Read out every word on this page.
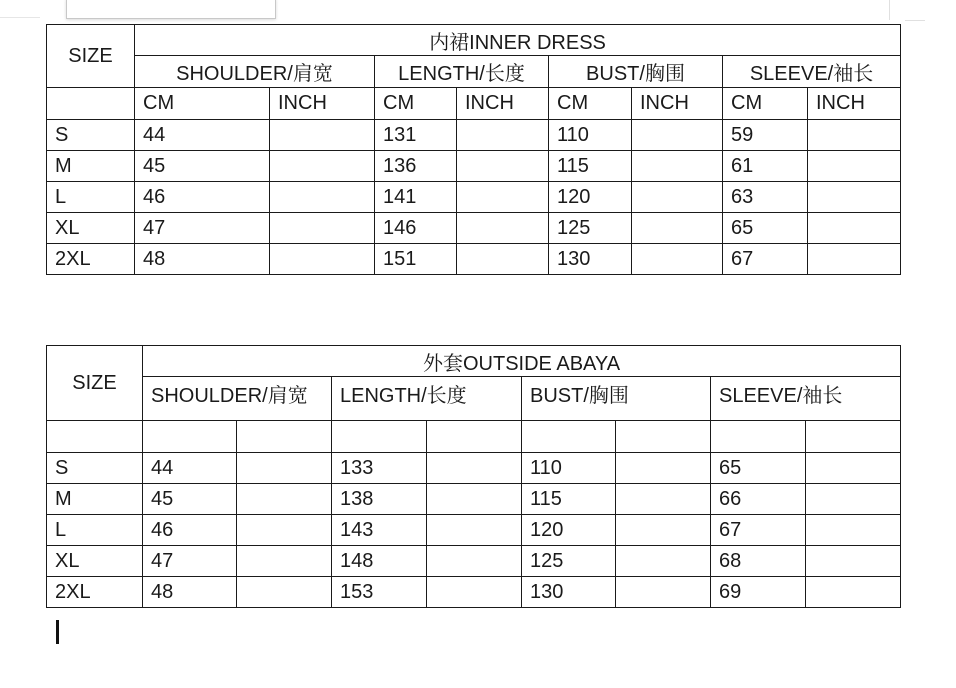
SIZE	内裙INNER DRESS							
	SHOULDER/肩宽		LENGTH/长度		BUST/胸围		SLEEVE/袖长	
	CM	INCH	CM	INCH	CM	INCH	CM	INCH
S	44		131		110		59	
M	45		136		115		61	
L	46		141		120		63	
XL	47		146		125		65	
2XL	48		151		130		67	
SIZE	外套OUTSIDE ABAYA							
	SHOULDER/肩宽		LENGTH/长度		BUST/胸围		SLEEVE/袖长	

S	44		133		110		65	
M	45		138		115		66	
L	46		143		120		67	
XL	47		148		125		68	
2XL	48		153		130		69	
